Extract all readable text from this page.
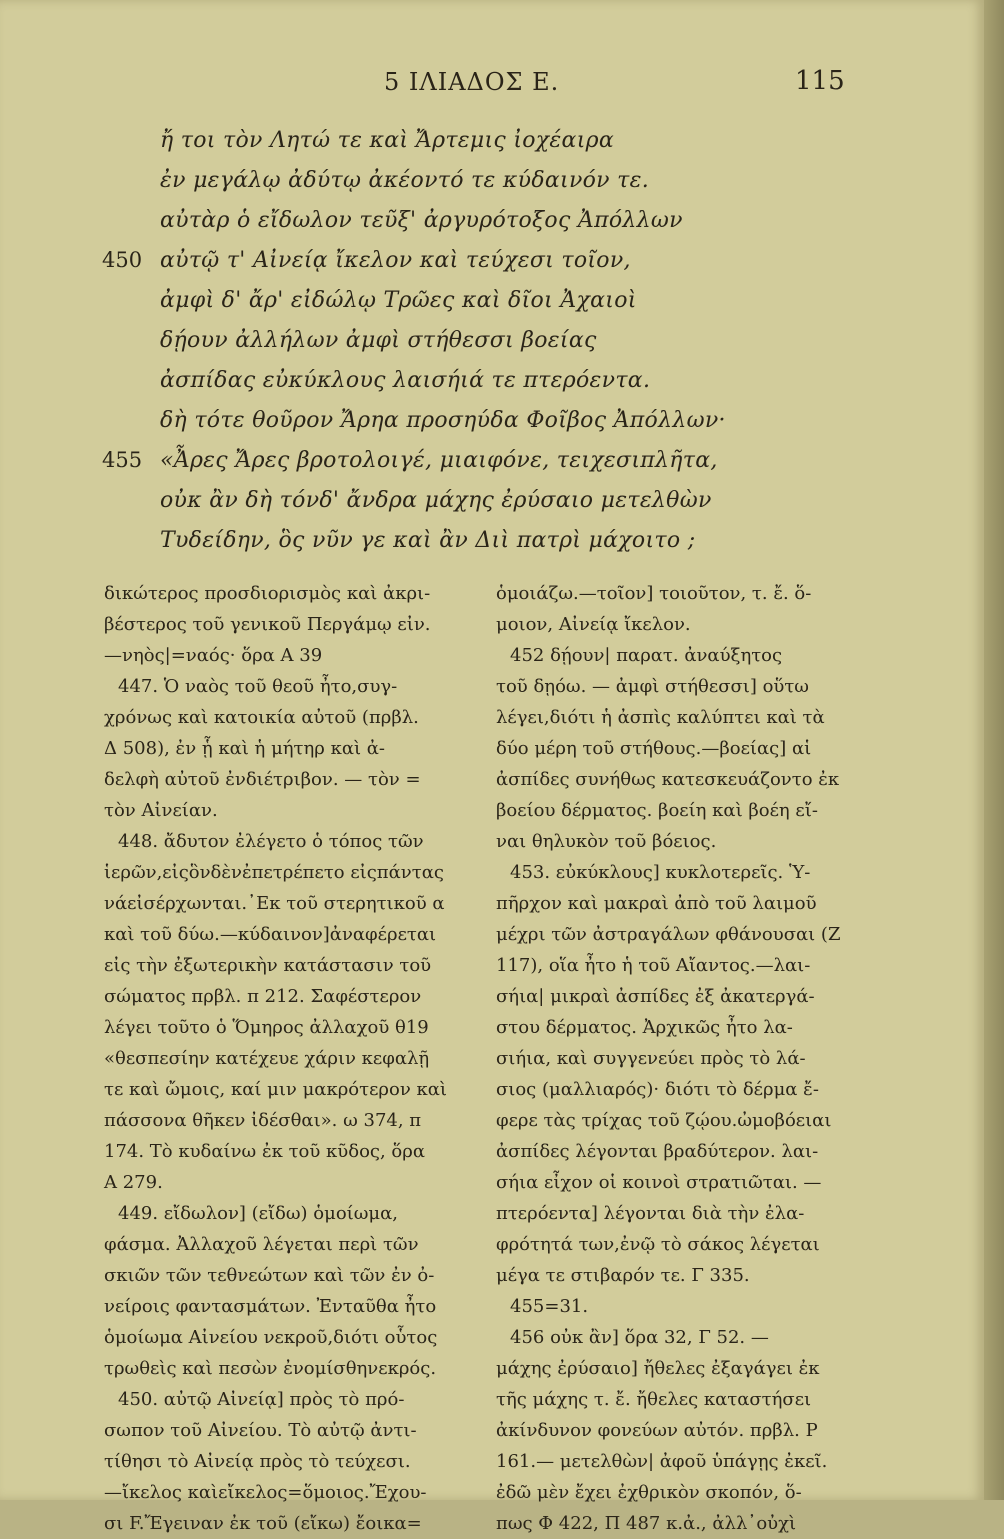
5 ΙΛΙΑΔΟΣ Ε.	115
ἤ τοι τὸν Λητώ τε καὶ Ἄρτεμις ἰοχέαιρα
ἐν μεγάλῳ ἀδύτῳ ἀκέοντό τε κύδαινόν τε.
αὐτὰρ ὁ εἴδωλον τεῦξ' ἀργυρότοξος Ἀπόλλων
450 αὐτῷ τ' Αἰνείᾳ ἴκελον καὶ τεύχεσι τοῖον,
ἀμφὶ δ' ἄρ' εἰδώλῳ Τρῶες καὶ δῖοι Ἀχαιοὶ
δῄουν ἀλλήλων ἀμφὶ στήθεσσι βοείας
ἀσπίδας εὐκύκλους λαισήιά τε πτερόεντα.
δὴ τότε θοῦρον Ἄρηα προσηύδα Φοῖβος Ἀπόλλων·
455 «Ἆρες Ἄρες βροτολοιγέ, μιαιφόνε, τειχεσιπλῆτα,
οὐκ ἂν δὴ τόνδ' ἄνδρα μάχης ἐρύσαιο μετελθὼν
Τυδείδην, ὃς νῦν γε καὶ ἂν Διὶ πατρὶ μάχοιτο ;
δικώτερος προσδιορισμὸς καὶ ἀκρι-
βέστερος τοῦ γενικοῦ Περγάμῳ εἰν.
—νηὸς|=ναός· ὅρα Α 39
447. Ὁ ναὸς τοῦ θεοῦ ἦτο,συγ-
χρόνως καὶ κατοικία αὐτοῦ (πρβλ.
Δ 508), ἐν ᾗ καὶ ἡ μήτηρ καὶ ἀ-
δελφὴ αὐτοῦ ἐνδιέτριβον. — τὸν =
τὸν Αἰνείαν.
448. ἄδυτον ἐλέγετο ὁ τόπος τῶν
ἱερῶν,εἰςὃνδὲνἐπετρέπετο εἰςπάντας
νάεἰσέρχωνται.᾿Εκ τοῦ στερητικοῦ α
καὶ τοῦ δύω.—κύδαινον]ἀναφέρεται
εἰς τὴν ἐξωτερικὴν κατάστασιν τοῦ
σώματος πρβλ. π 212. Σαφέστερον
λέγει τοῦτο ὁ Ὅμηρος ἀλλαχοῦ θ19
«θεσπεσίην κατέχευε χάριν κεφαλῇ
τε καὶ ὤμοις, καί μιν μακρότερον καὶ
πάσσονα θῆκεν ἰδέσθαι». ω 374, π
174. Τὸ κυδαίνω ἐκ τοῦ κῦδος, ὅρα
Α 279.
449. εἴδωλον] (εἴδω) ὁμοίωμα,
φάσμα. Ἀλλαχοῦ λέγεται περὶ τῶν
σκιῶν τῶν τεθνεώτων καὶ τῶν ἐν ὀ-
νείροις φαντασμάτων. Ἐνταῦθα ἦτο
ὁμοίωμα Αἰνείου νεκροῦ,διότι οὗτος
τρωθεὶς καὶ πεσὼν ἐνομίσθηνεκρός.
450. αὐτῷ Αἰνείᾳ] πρὸς τὸ πρό-
σωπον τοῦ Αἰνείου. Τὸ αὐτῷ ἀντι-
τίθησι τὸ Αἰνείᾳ πρὸς τὸ τεύχεσι.
—ἴκελος καὶεἴκελος=ὅμοιος.Ἔχου-
σι F.Ἔγειναν ἐκ τοῦ (εἴκω) ἔοικα=
ὁμοιάζω.—τοῖον] τοιοῦτον, τ. ἔ. ὅ-
μοιον, Αἰνείᾳ ἴκελον.
452 δῄουν| παρατ. ἀναύξητος
τοῦ δῃόω. — ἀμφὶ στήθεσσι] οὕτω
λέγει,διότι ἡ ἀσπὶς καλύπτει καὶ τὰ
δύο μέρη τοῦ στήθους.—βοείας] αἱ
ἀσπίδες συνήθως κατεσκευάζοντο ἐκ
βοείου δέρματος. βοείη καὶ βοέη εἴ-
ναι θηλυκὸν τοῦ βόειος.
453. εὐκύκλους] κυκλοτερεῖς. Ὑ-
πῆρχον καὶ μακραὶ ἀπὸ τοῦ λαιμοῦ
μέχρι τῶν ἀστραγάλων φθάνουσαι (Ζ
117), οἵα ἦτο ἡ τοῦ Αἴαντος.—λαι-
σήια| μικραὶ ἀσπίδες ἐξ ἀκατεργά-
στου δέρματος. Ἀρχικῶς ἦτο λα-
σιήια, καὶ συγγενεύει πρὸς τὸ λά-
σιος (μαλλιαρός)· διότι τὸ δέρμα ἔ-
φερε τὰς τρίχας τοῦ ζῴου.ὠμοβόειαι
ἀσπίδες λέγονται βραδύτερον. λαι-
σήια εἶχον οἱ κοινοὶ στρατιῶται. —
πτερόεντα] λέγονται διὰ τὴν ἐλα-
φρότητά των,ἐνῷ τὸ σάκος λέγεται
μέγα τε στιβαρόν τε. Γ 335.
455=31.
456 οὐκ ἂν] ὅρα 32, Γ 52. —
μάχης ἐρύσαιο] ἤθελες ἐξαγάγει ἐκ
τῆς μάχης τ. ἔ. ἤθελες καταστήσει
ἀκίνδυνον φονεύων αὐτόν. πρβλ. Ρ
161.— μετελθὼν| ἀφοῦ ὑπάγῃς ἐκεῖ.
ἐδῶ μὲν ἔχει ἐχθρικὸν σκοπόν, ὅ-
πως Φ 422, Π 487 κ.ἀ., ἀλλ᾿οὐχὶ
